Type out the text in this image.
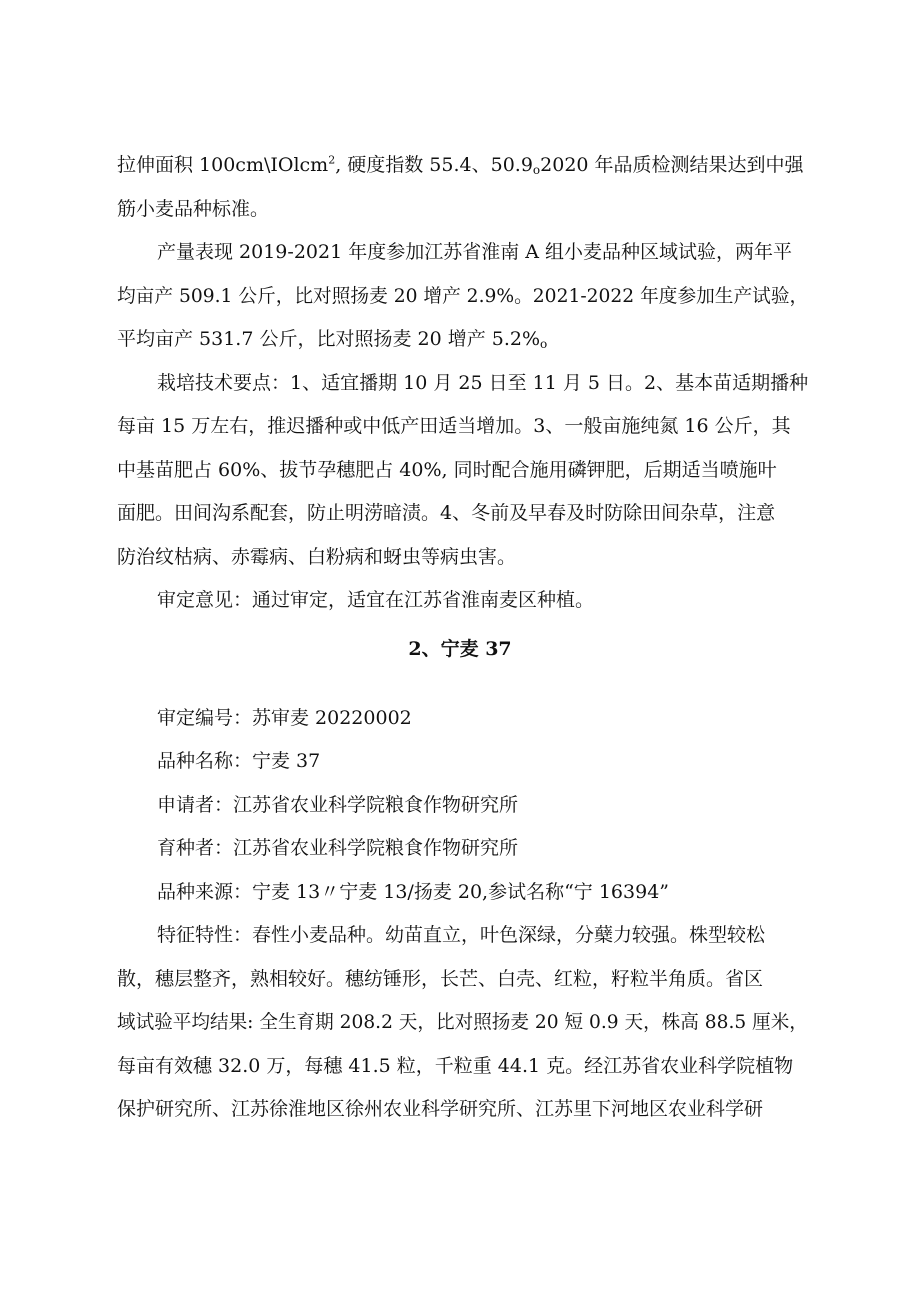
拉伸面积 100cm\IOlcm$^2$, 硬度指数 55.4、50.9o2020 年品质检测结果达到中强
筋小麦品种标准。
产量表现 2019-2021 年度参加江苏省淮南 A 组小麦品种区域试验，两年平
均亩产 509.1 公斤，比对照扬麦 20 增产 2.9%。2021-2022 年度参加生产试验，
平均亩产 531.7 公斤，比对照扬麦 20 增产 5.2%o
栽培技术要点：1、适宜播期 10 月 25 日至 11 月 5 日。2、基本苗适期播种
每亩 15 万左右，推迟播种或中低产田适当增加。3、一般亩施纯氮 16 公斤，其
中基苗肥占 60%、拔节孕穗肥占 40%, 同时配合施用磷钾肥，后期适当喷施叶
面肥。田间沟系配套，防止明涝暗渍。4、冬前及早春及时防除田间杂草，注意
防治纹枯病、赤霉病、白粉病和蚜虫等病虫害。
审定意见：通过审定，适宜在江苏省淮南麦区种植。
2、宁麦 37
审定编号：苏审麦 20220002
品种名称：宁麦 37
申请者：江苏省农业科学院粮食作物研究所
育种者：江苏省农业科学院粮食作物研究所
品种来源：宁麦 13〃宁麦 13/扬麦 20,参试名称“宁 16394”
特征特性：春性小麦品种。幼苗直立，叶色深绿，分蘖力较强。株型较松
散，穗层整齐，熟相较好。穗纺锤形，长芒、白壳、红粒，籽粒半角质。省区
域试验平均结果: 全生育期 208.2 天，比对照扬麦 20 短 0.9 天，株高 88.5 厘米，
每亩有效穗 32.0 万，每穗 41.5 粒，千粒重 44.1 克。经江苏省农业科学院植物
保护研究所、江苏徐淮地区徐州农业科学研究所、江苏里下河地区农业科学研
